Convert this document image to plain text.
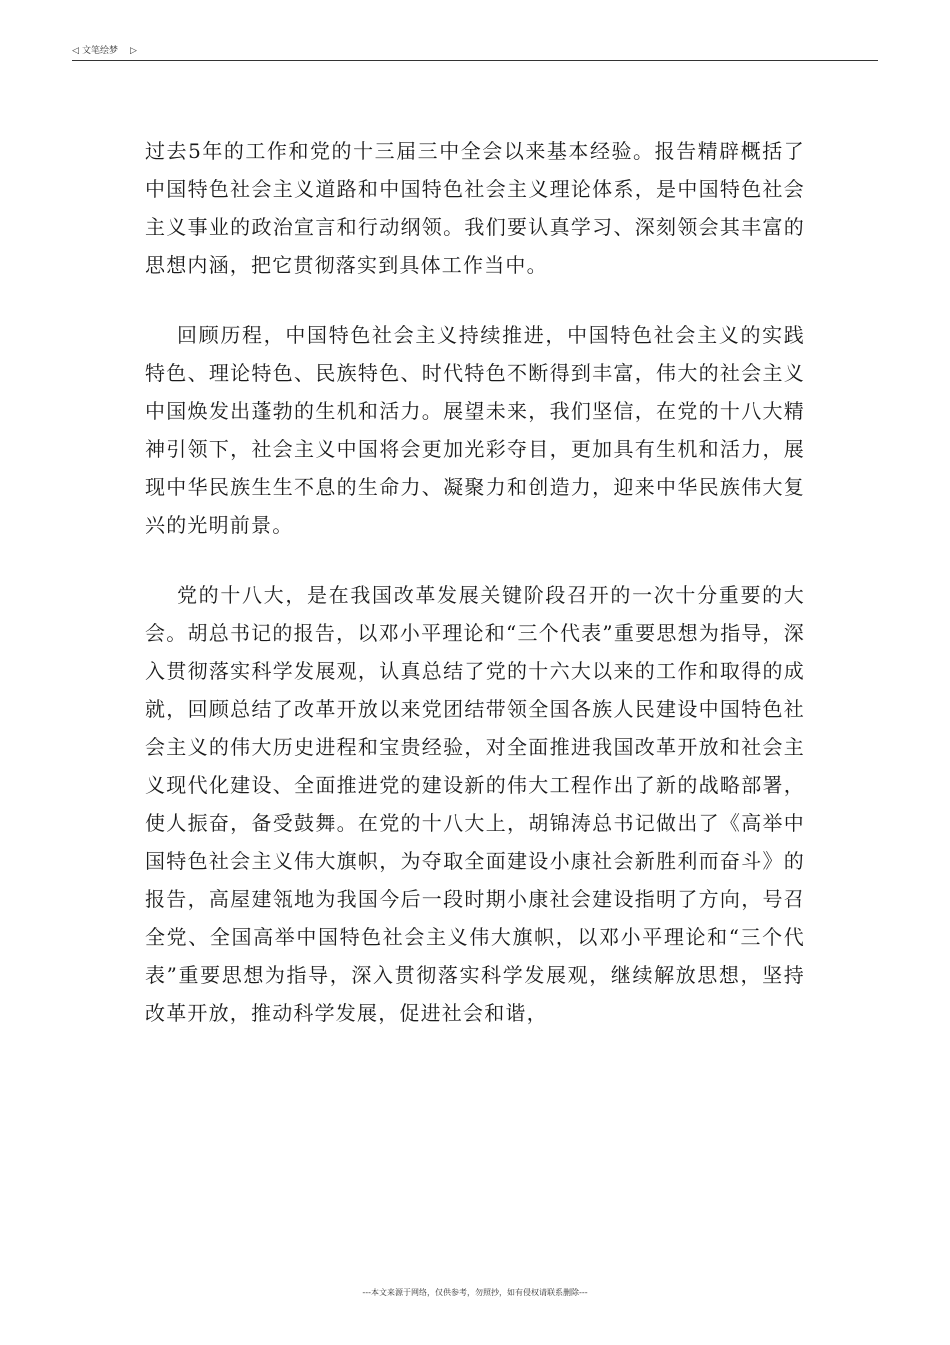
◁ 文笔绘梦 ▷

过去5年的工作和党的十三届三中全会以来基本经验。报告精辟概括了中国特色社会主义道路和中国特色社会主义理论体系，是中国特色社会主义事业的政治宣言和行动纲领。我们要认真学习、深刻领会其丰富的思想内涵，把它贯彻落实到具体工作当中。

回顾历程，中国特色社会主义持续推进，中国特色社会主义的实践特色、理论特色、民族特色、时代特色不断得到丰富，伟大的社会主义中国焕发出蓬勃的生机和活力。展望未来，我们坚信，在党的十八大精神引领下，社会主义中国将会更加光彩夺目，更加具有生机和活力，展现中华民族生生不息的生命力、凝聚力和创造力，迎来中华民族伟大复兴的光明前景。

党的十八大，是在我国改革发展关键阶段召开的一次十分重要的大会。胡总书记的报告，以邓小平理论和“三个代表”重要思想为指导，深入贯彻落实科学发展观，认真总结了党的十六大以来的工作和取得的成就，回顾总结了改革开放以来党团结带领全国各族人民建设中国特色社会主义的伟大历史进程和宝贵经验，对全面推进我国改革开放和社会主义现代化建设、全面推进党的建设新的伟大工程作出了新的战略部署，使人振奋，备受鼓舞。在党的十八大上，胡锦涛总书记做出了《高举中国特色社会主义伟大旗帜，为夺取全面建设小康社会新胜利而奋斗》的报告，高屋建瓴地为我国今后一段时期小康社会建设指明了方向，号召全党、全国高举中国特色社会主义伟大旗帜，以邓小平理论和“三个代表”重要思想为指导，深入贯彻落实科学发展观，继续解放思想，坚持改革开放，推动科学发展，促进社会和谐，

---本文来源于网络，仅供参考，勿照抄，如有侵权请联系删除---
